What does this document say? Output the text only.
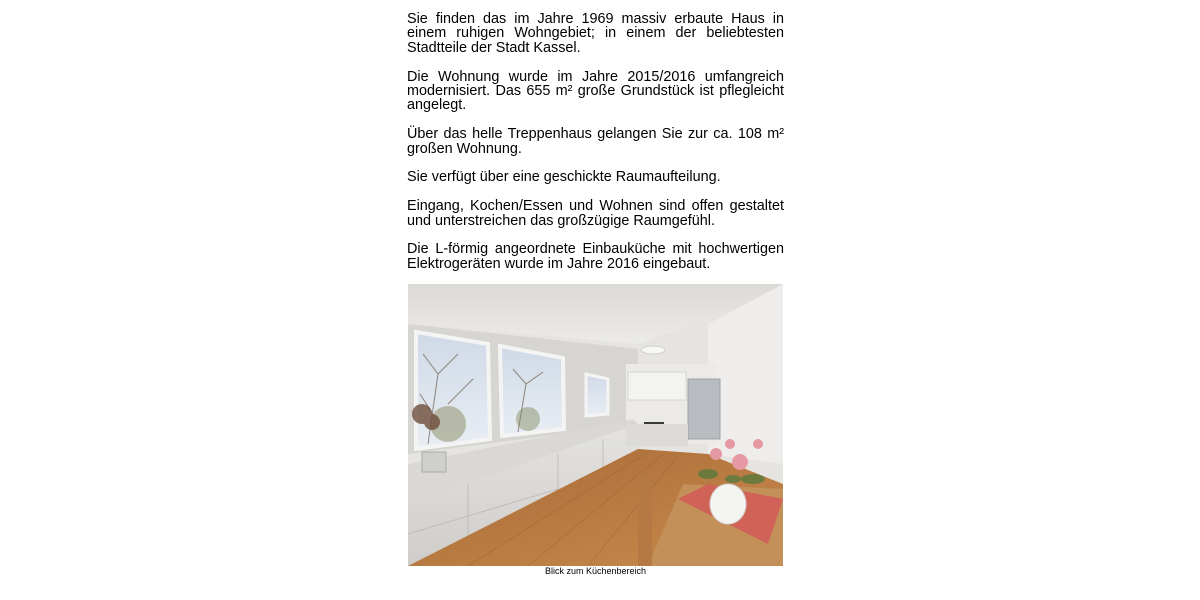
Sie finden das im Jahre 1969 massiv erbaute Haus in einem ruhigen Wohngebiet; in einem der beliebtesten Stadtteile der Stadt Kassel.

Die Wohnung wurde im Jahre 2015/2016 umfangreich modernisiert. Das 655 m² große Grundstück ist pflegleicht angelegt.

Über das helle Treppenhaus gelangen Sie zur ca. 108 m² großen Wohnung.

Sie verfügt über eine geschickte Raumaufteilung.

Eingang, Kochen/Essen und Wohnen sind offen gestaltet und unterstreichen das großzügige Raumgefühl.

Die L-förmig angeordnete Einbauküche mit hochwertigen Elektrogeräten wurde im Jahre 2016 eingebaut.

Blick zum Küchenbereich
